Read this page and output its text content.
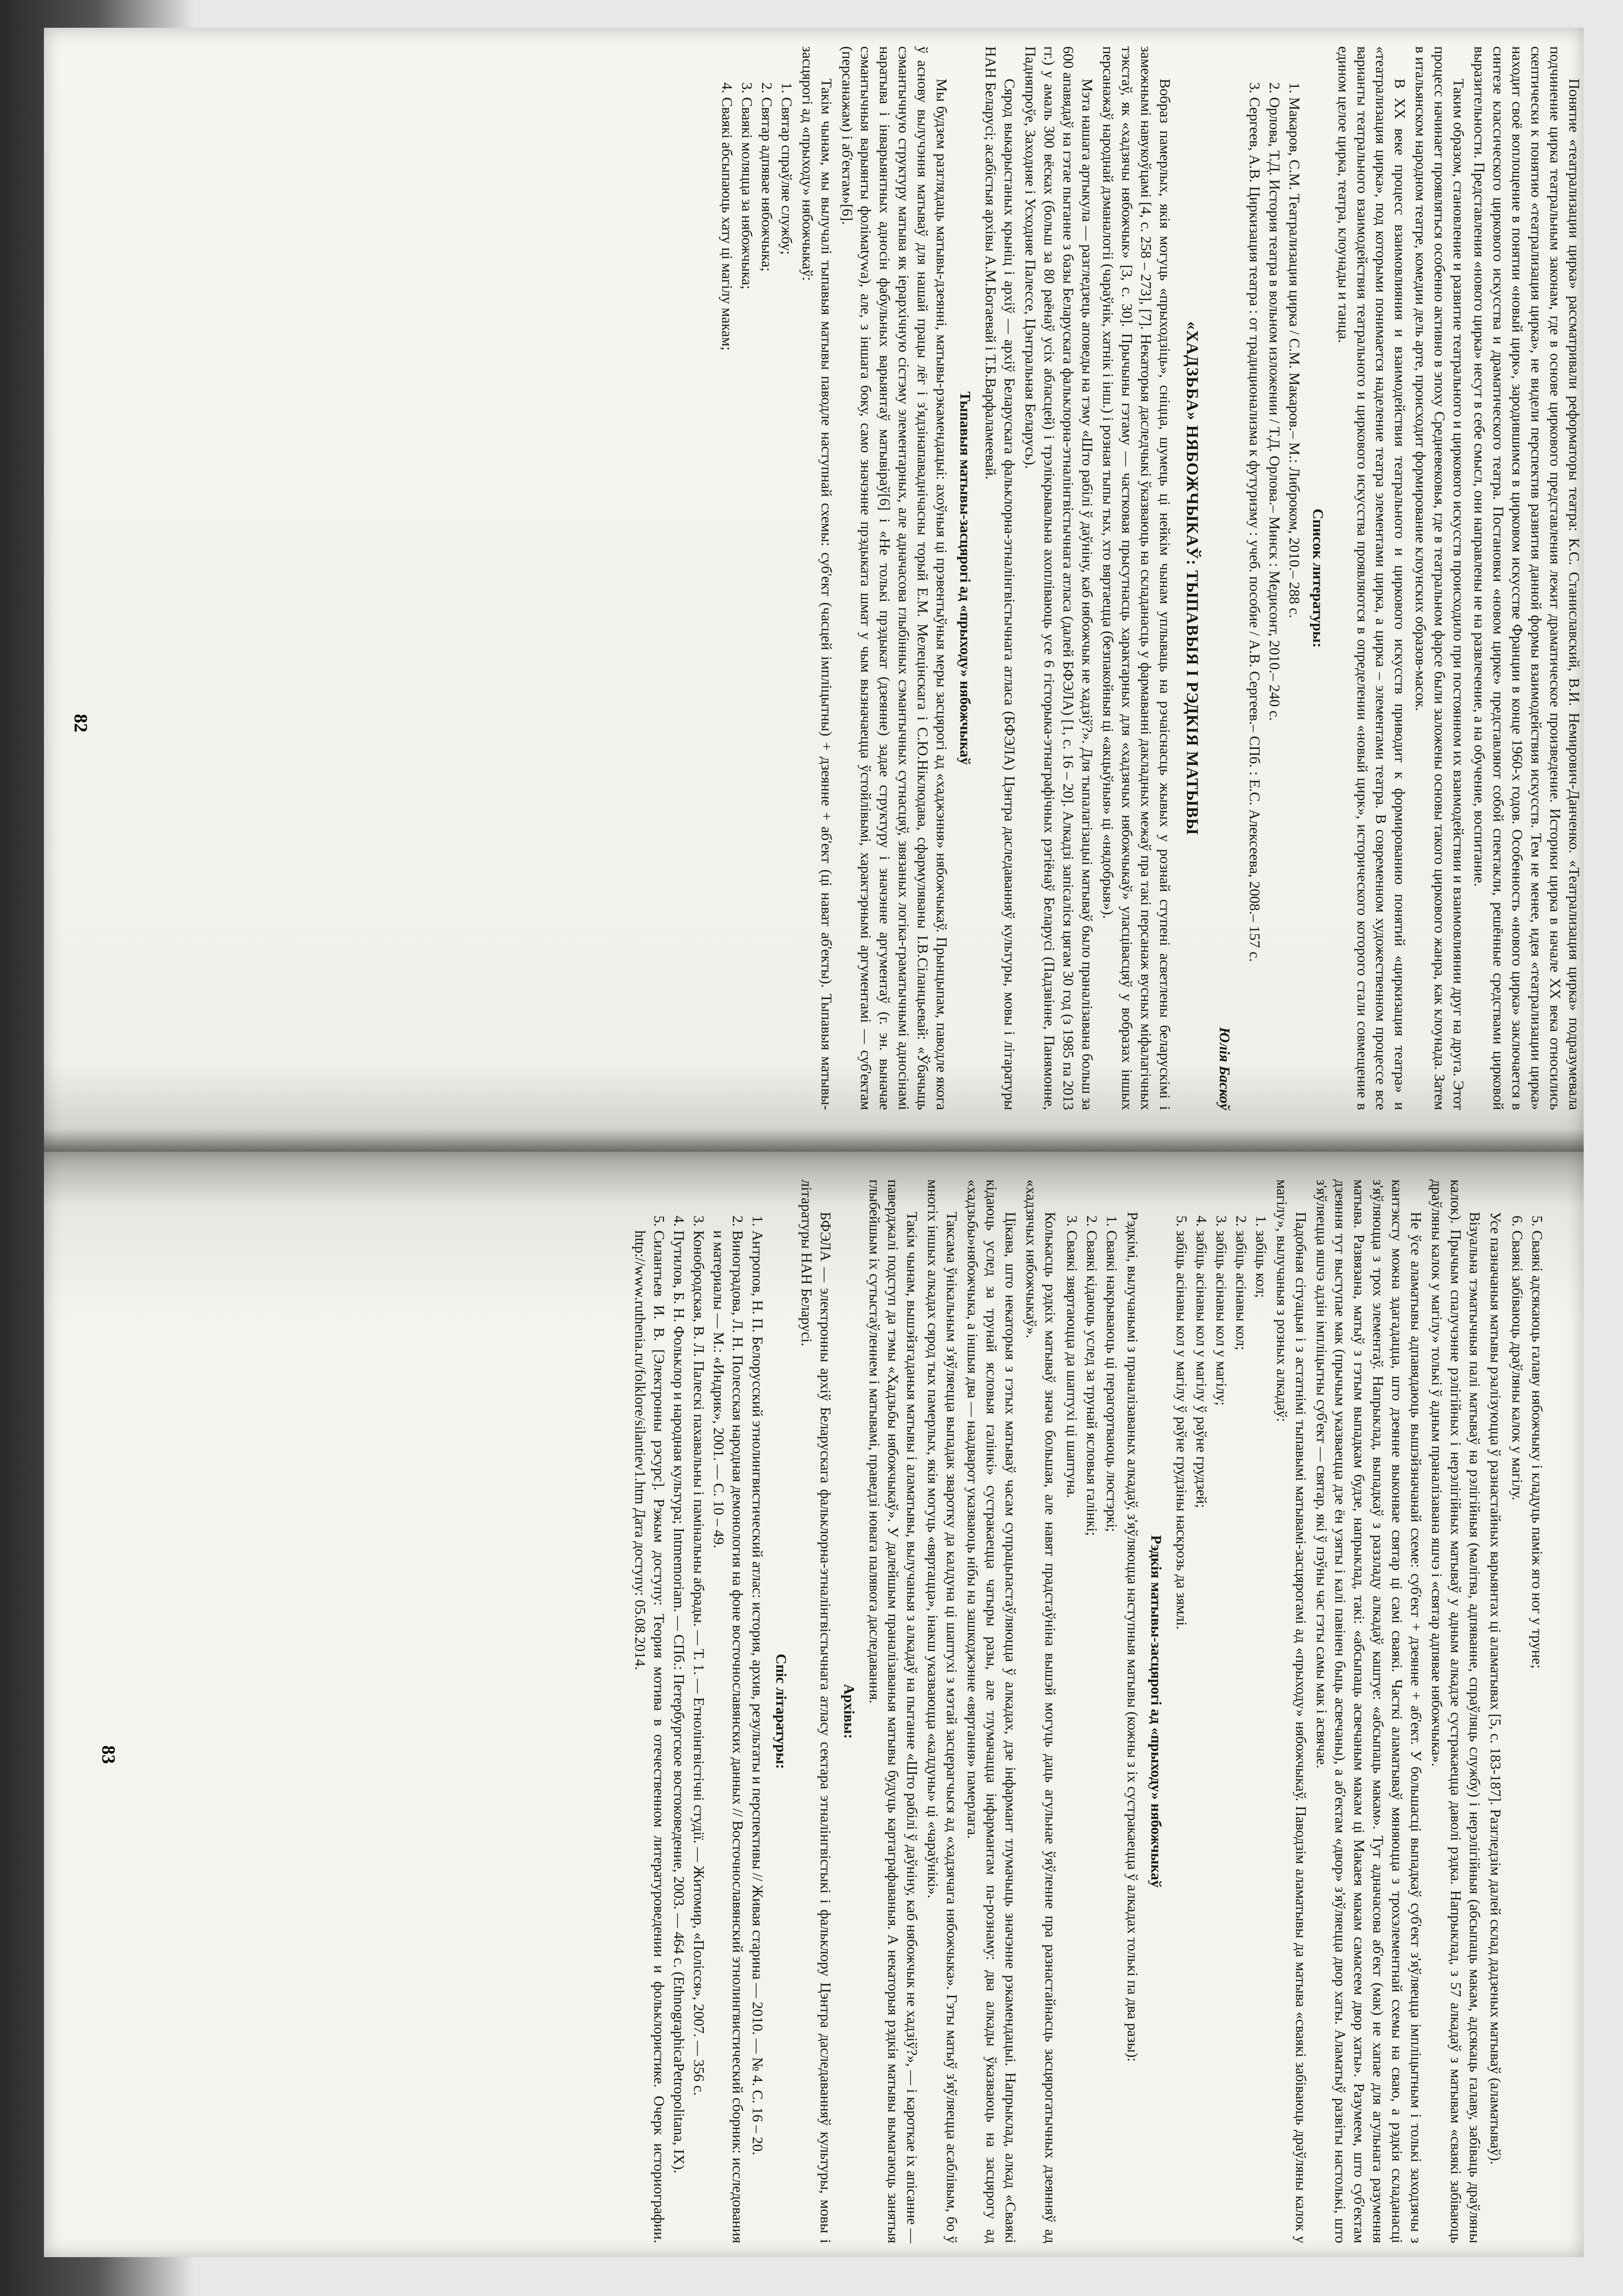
Понятие «театрализации цирка» рассматривали реформаторы театра: К.С. Станиславский, В.И. Немирович-Данченко. «Театрализация цирка» подразумевала подчинение цирка театральным законам, где в основе циркового представления лежит драматическое произведение. Историки цирка в начале XX века относились скептически к понятию «театрализация цирка», не видели перспектив развития данной формы взаимодействия искусств. Тем не менее, идея «театрализации цирка» находит своё воплощение в понятии «новый цирк», зародившимся в цирковом искусстве Франции в конце 1960-х годов. Особенность «нового цирка» заключается в синтезе классического циркового искусства и драматического театра. Постановки «новом цирке» представляют собой спектакли, решённые средствами цирковой выразительности. Представления «нового цирка» несут в себе смысл, они направлены не на развлечение, а на обучение, воспитание.

Таким образом, становление и развитие театрального и циркового искусств происходило при постоянном их взаимодействии и взаимовлиянии друг на друга. Этот процесс начинает проявляться особенно активно в эпоху Средневековья, где в театральном фарсе были заложены основы такого циркового жанра, как клоунада. Затем в итальянском народном театре, комедии дель арте, происходит формирование клоунских образов-масок.

В XX веке процесс взаимовлияния и взаимодействия театрального и циркового искусств приводит к формированию понятий «циркизация театра» и «театрализация цирка», под которыми понимается наделение театра элементами цирка, а цирка – элементами театра. В современном художественном процессе все варианты театрального взаимодействия театрального и циркового искусства проявляются в определении «новый цирк», исторического которого стали совмещение в едином целое цирка, театра, клоунады и танца.

Список литературы:

1. Макаров, С.М. Театрализация цирка / С.М. Макаров.– М.: Либроком, 2010.– 288 с.
2. Орлова, Т.Д. История театра в вольном изложении / Т.Д. Орлова.– Минск : Медисонт, 2010.– 240 с.
3. Сергеев, А.В. Циркизация театра : от традиционализма к футуризму : учеб. пособие / А.В. Сергеев.– СПб. : Е.С. Алексеева, 2008.– 157 с.

Юлія Баскоў

«ХАДЗЬБА» НЯБОЖЧЫКАЎ: ТЫПАВЫЯ І РЭДКІЯ МАТЫВЫ

Вобраз памерлых, якія могуць «прыходзіць», сніцца, шумець ці нейкім чынам уплываць на рэчаіснасць жывых у рознай ступені асветлены беларускімі і замежнымі навукоўцамі [4, с. 258 – 273], [7]. Некаторыя даследчыкі ўказваюць на складанасць у фармаванні дакладных межаў пра такі персанаж вусных міфалагічных тэкстаў, як «хадзячы нябожчык» [3, с. 30]. Прычыны гэтаму — частковая прысутнасць характарных для «хадзячых нябожчыкаў» уласцівасцяў у вобразах іншых персанажаў народнай дэманалогіі (чараўнік, хатнік і інш.) і розная тыпы тых, хто вяртаецца (безпакойныя ці «акцыўныя» ці «нядобрыя»).

Мэта нашага артыкула — разгледзець аповеды на тэму «Што рабілі ў даўніну, каб нябожчык не хадзіў?». Для тыпалагізацыі матываў было праналізавана больш за 600 апавядаў на гэтае пытанне з базы Беларускага фальклорна-этналінгвістычнага атласа (далей БФЭЛА) [1, с. 16 – 20]. Алкадзі запісаліся цягам 30 год (з 1985 па 2013 гг.) у амаль 300 вёсках (больш за 80 раёнаў усіх абласцей) і трэлікрывальна ахопліваюць усе 6 гісторыка-этнаграфічных рэгіёнаў Беларусі (Падзвінне, Панямонне, Падняпроўе, Заходняе і Усходняе Палессе, Цэнтральная Беларусь).

Сярод выкарыстаных крыніц і архіў — архіў Беларускага фальклорна-этналінгвістычнага атласа (БФЭЛА) Цэнтра даследаванняў культуры, мовы і літаратуры НАН Беларусі; асабістыя архівы А.М.Богаевай і Т.Б.Варфаламеевай.

Тыпавыя матывы-засцярогі ад «прыходу» нябожчыкаў

Мы будзем разглядаць матывы-дзеянні, матывы-рэкамендацыі: ахоўныя ці прэвентыўныя меры засцярогі ад «хаджэння» нябожчыкаў. Прынцыпам, паводле якога ў аснову вылучэння матываў для нашай працы лёг і з'ядзінапаваднічасны торый Е.М. Мелецінскага і С.Ю.Нiклюдава, сфармуляваны І.В.Сіланцьевай: «Ўбачыць сэмантычную структуру матыва як іерархічную сістэму элементарных, але адначасова глыбінных сэмантычных сутнасцяў, звязаных логіка-граматычнымі адносінамі наратыва і інварыянтных адносін фабульных варыянтаў матывіраў[6] і «Не толькі прэдыкат (дзеянне) задае структуру і значэнне аргументаў (г. эн. выначае сэмантычныя варыянты фолімаtywa), але, з іншага боку, само значэнне прэдыката шмат у чым вызначаецца ўстойлівымі, характэрнымі аргументамі — суб'ектам (персанажам) і аб'ектам»[6].

Такім чынам, мы вылучалі тыпавыя матывы паводле наступнай схемы: суб'ект (часцей імпліцытны) + дзеянне + аб'ект (ці нават аб'екты). Тыпавыя матывы-засцярогі ад «прыходу» нябожчыкаў:

1. Святар спраўляе службу;
2. Святар адпявае нябожчыка;
3. Сваякі моляцца за нябожчыка;
4. Сваякі абсыпаюць хату ці магілу макам;
82
5. Сваякі адсякаюць галаву нябожчыку і кладуць паміж яго ног у труне;
6. Сваякі забіваюць драўляны калок у магілу.

Усе пазначаныя матывы рэалізуюцца ў разнастайных варыянтах ці аламатывах [5, с. 183-187]. Разгледзім далей склад дадзеных матываў (аламатываў).

Візуальна тэматычныя палі матываў на рэлігійныя (малітва, адпяванне, спраўляць службу) і нерэлігійныя (абсыпаць макам, адсякаць галаву, забіваць драўляны калок). Прычым спалучэнне рэлігійных і нерэлігійных матываў у адным алкадзе сустракаецца даволі рэдка. Напрыклад, з 57 алкадаў з матывам «сваякі забіваюць драўляны калок у магілу» толькі ў адным праналізавана яшчэ і «святар адпявае нябожчыка».

Не ўсе аламатывы адпавядаюць вышэйзначанай схеме: суб'ект + дзеянне + аб'ект. У большасці выпадкаў суб'ект з'яўляецца імпліцытным і толькі заходзячы з кантэксту можна здагадацца, што дзеянне выконвае святар ці самі сваякі. Часткі аламатываў мяняюцца з трохэлементнай схемы на сваю, а рэдкія складанасці з'яўляюцца з трох элементаў. Напрыклад, выпадкаў з раззладу алкадаў каштуе: «абсыпаць макам». Тут адначасова аб'ект (мак) не хапае для агульнага разумення матыва. Развязана, матыў з гэтым выпадкам будзе, напрыклад, такі: «абсыпаць асвечаным макам ці Макаея макам самасеем двор хаты». Разумеем, што суб'ектам дзеяння тут выступае мак (прычым указваецца дзе ён узяты і калі павінен быць асвечаны), а аб'ектам «двор» з'яўляецца двор хаты. Аламатыў развіты настолькі, што з'яўляецца яшчэ адзін імпліцытны суб'ект — святар, які ў пэўны час гэты самы мак і асвячае.

Падобная сітуацыя і з астатнімі тыпавымі матывамі-засцярогамі ад «прыходу» нябожчыкаў. Паводзім аламатывы да матыва «сваякі забіваюць драўляны калок у магілу», вылучаныя з розных алкадаў:

1. забіць кол;
2. забіць асінавы кол;
3. забіць асінавы кол у магілу;
4. забіць асінавы кол у магілу ў раўне грудзей;
5. забіць асінавы кол у магілу ў раўне грудзіны наскрозь да зямлі.

Рэдкія матывы-засцярогі ад «прыходу» нябожчыкаў

Рэдкімі, вылучанымі з праналізаваных алкадаў, з'яўляюцца наступныя матывы (кожны з іх сустракаецца ў алкадах толькі па два разы):

1. Сваякі накрываюць ці перагортваюць люстэркі;
2. Сваякі кідаюць услед за трунай ясловыя галінкі;
3. Сваякі звяртаюцца да шаптухі ці шаптуна.

Колькасць рэдкіх матываў знача большая, але навят прадстаўніна вышэй могуць даць агульнае ўяўленне пра разнастайнасць засцярогатычных дзеянняў ад «хадзячых нябожчыкаў».

Цікава, што некаторыя з гэтых матываў часам супрацьпастаўляюцца ў алкадах, дзе інфармант тлумачыць значэнне рэкамендацыі. Напрыклад, алкад «Сваякі кідаюць услед за трунай ясловыя галінкі» сустракаецца чатыры разы, але тлумачацца інфармантам па-рознаму: два алкады ўказваюць на засцярогу ад «хадзьбы»нябожчыка, а іншыя два — наадварот указваюць нібы на зашкоджэнне «вяртання» памерлага.

Таксама ўнікальным з'яўляецца выпадак зваротку да калдуна ці шаптухі з мэтай засцерагчыся ад «хадзячага нябожчыка». Гэты матыў з'яўляецца асаблівым, бо ў многіх іншых алкадах сярод тых памерлых, якія могуць «вяртацца», інакш указваюцца «калдуны» ці «чараўнікі».

Такім чынам, вышэйзгаданыя матывы і аламатывы, вылучаныя з алкадаў на пытанне «Што рабілі ў даўніну, каб нябожчык не хадзіў?», — і кароткае іх апісанне — паверджалі подступ да тэмы «Хадзьбы нябожчыкаў». У далейшым праналізаваныя матывы будуць картаграфаваныя. А некаторыя рэдкія матывы вымагаюць занятыя глыбейшым іх сутыстаўленнем і матывамі, праведзі новага палявога даследавання.

Архівы:

БФЭЛА — электронны архіў Беларускага фальклорна-этналінгвістычнага атласу сектара этналінгвістыкі і фальклору Цэнтра даследаванняў культуры, мовы і літаратуры НАН Беларусі.

Спіс літаратуры:

1. Антропов, Н. П. Белорусский этнолингвистический атлас: история, архив, результаты и перспективы // Живая старина — 2010. — № 4. С. 16 – 20.
2. Виноградова, Л. Н. Полесская народная демонология на фоне восточнославянских данных // Восточнославянский этнолингвистический сборник: исследования и материалы — М.: «Индрик», 2001. — С. 10 – 49.
3. Конобродская, В. Л. Палескі пахавальны і памінальны абрады. — Т. 1. — Етнолінгвістічні студії. — Житомир, «Полісся», 2007. — 356 с.
4. Путилов, Б. Н. Фольклор и народная культура; Intmemoriam. — СПб.: Петербургское востоковедение, 2003. — 464 с. (EthnographicaPetropolitana, IX).
5. Силантьев И. В. [Электронны рэсурс]. Рэжым доступу: Теория мотива в отечественном литературоведении и фольклористике. Очерк историографии. http://www.ruthenia.ru/folklore/silantiev1.htm Дата доступу: 05.08.2014.
83
